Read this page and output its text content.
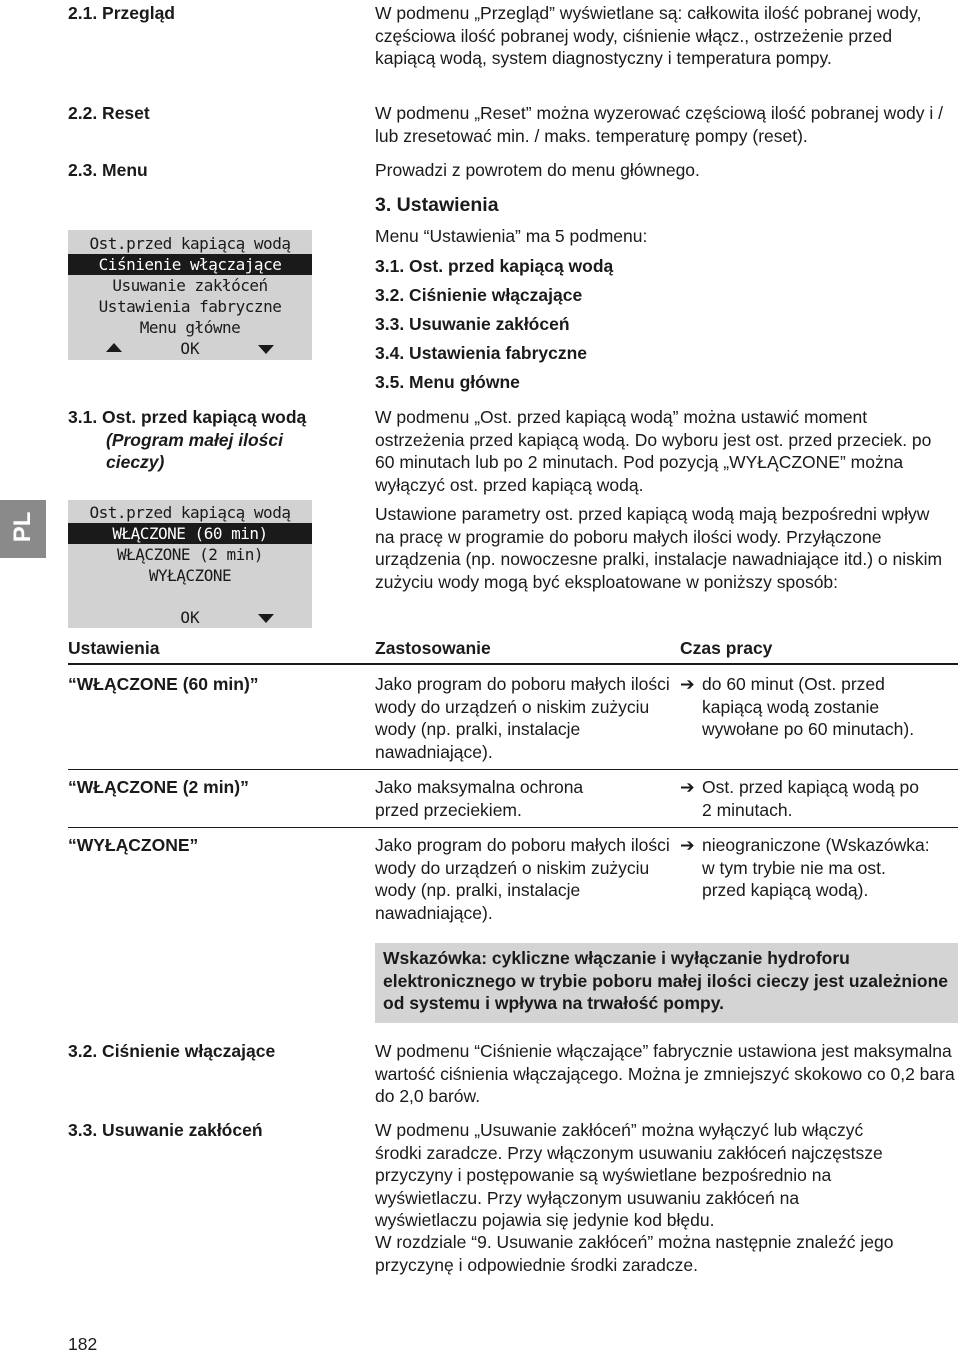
PL
2.1. Przegląd	W podmenu „Przegląd” wyświetlane są: całkowita ilość pobranej wody, częściowa ilość pobranej wody, ciśnienie włącz., ostrzeżenie przed kapiącą wodą, system diagnostyczny i temperatura pompy.
2.2. Reset	W podmenu „Reset” można wyzerować częściową ilość pobranej wody i / lub zresetować min. / maks. temperaturę pompy (reset).
2.3. Menu	Prowadzi z powrotem do menu głównego.
3. Ustawienia
Menu “Ustawienia” ma 5 podmenu:
3.1. Ost. przed kapiącą wodą
3.2. Ciśnienie włączające
3.3. Usuwanie zakłóceń
3.4. Ustawienia fabryczne
3.5. Menu główne
Ost.przed kapiącą wodą
Ciśnienie włączające
Usuwanie zakłóceń
Ustawienia fabryczne
Menu główne
OK
3.1. Ost. przed kapiącą wodą
(Program małej ilości
cieczy)
W podmenu „Ost. przed kapiącą wodą” można ustawić moment ostrzeżenia przed kapiącą wodą. Do wyboru jest ost. przed przeciek. po 60 minutach lub po 2 minutach. Pod pozycją „WYŁĄCZONE” można wyłączyć ost. przed kapiącą wodą.
Ustawione parametry ost. przed kapiącą wodą mają bezpośredni wpływ na pracę w programie do poboru małych ilości wody. Przyłączone urządzenia (np. nowoczesne pralki, instalacje nawadniające itd.) o niskim zużyciu wody mogą być eksploatowane w poniższy sposób:
Ost.przed kapiącą wodą
WŁĄCZONE (60 min)
WŁĄCZONE (2 min)
WYŁĄCZONE
OK
Ustawienia	Zastosowanie	Czas pracy
“WŁĄCZONE (60 min)”	Jako program do poboru małych ilości wody do urządzeń o niskim zużyciu wody (np. pralki, instalacje nawadniające).
➔ do 60 minut (Ost. przed kapiącą wodą zostanie wywołane po 60 minutach).
“WŁĄCZONE (2 min)”	Jako maksymalna ochrona przed przeciekiem.
➔ Ost. przed kapiącą wodą po 2 minutach.
“WYŁĄCZONE”	Jako program do poboru małych ilości wody do urządzeń o niskim zużyciu wody (np. pralki, instalacje nawadniające).
➔ nieograniczone (Wskazówka: w tym trybie nie ma ost. przed kapiącą wodą).
Wskazówka: cykliczne włączanie i wyłączanie hydroforu elektronicznego w trybie poboru małej ilości cieczy jest uzależnione od systemu i wpływa na trwałość pompy.
3.2. Ciśnienie włączające	W podmenu “Ciśnienie włączające” fabrycznie ustawiona jest maksymalna wartość ciśnienia włączającego. Można je zmniejszyć skokowo co 0,2 bara do 2,0 barów.
3.3. Usuwanie zakłóceń	W podmenu „Usuwanie zakłóceń” można wyłączyć lub włączyć środki zaradcze. Przy włączonym usuwaniu zakłóceń najczęstsze przyczyny i postępowanie są wyświetlane bezpośrednio na wyświetlaczu. Przy wyłączonym usuwaniu zakłóceń na wyświetlaczu pojawia się jedynie kod błędu.
W rozdziale “9. Usuwanie zakłóceń” można następnie znaleźć jego przyczynę i odpowiednie środki zaradcze.
182
